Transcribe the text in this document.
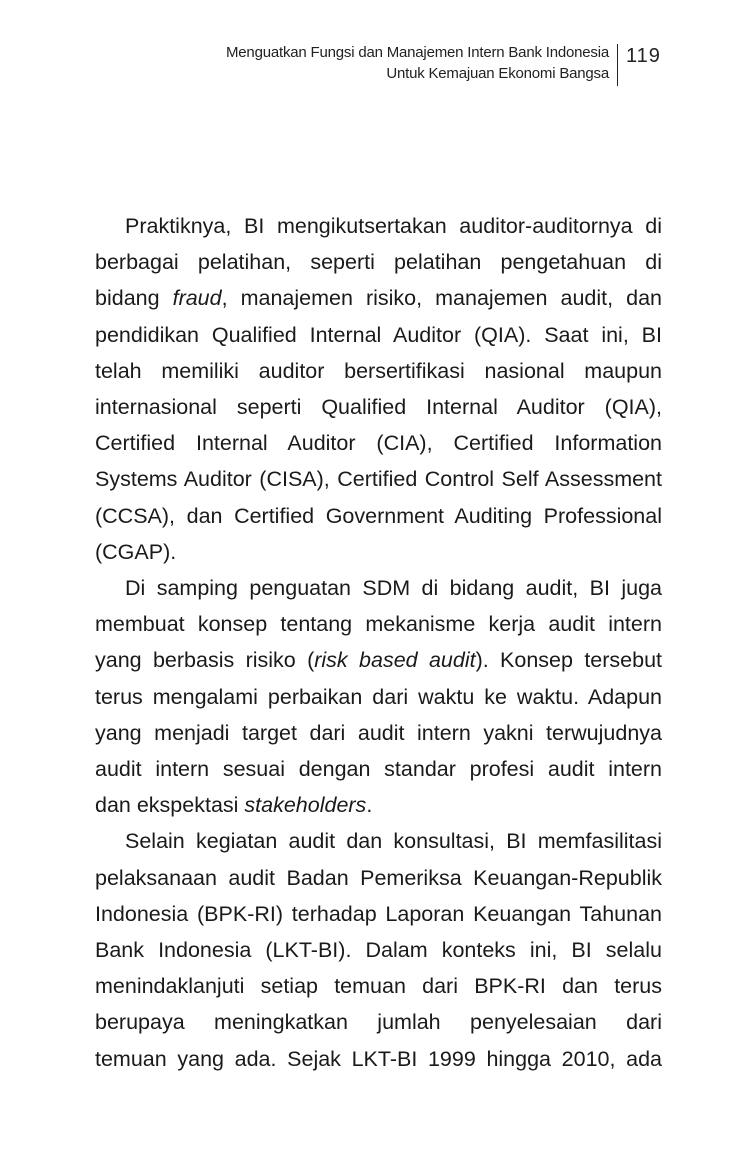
Menguatkan Fungsi dan Manajemen Intern Bank Indonesia
Untuk Kemajuan Ekonomi Bangsa
119
Praktiknya, BI mengikutsertakan auditor-auditornya di
berbagai pelatihan, seperti pelatihan pengetahuan di
bidang fraud, manajemen risiko, manajemen audit, dan
pendidikan Qualified Internal Auditor (QIA). Saat ini, BI
telah memiliki auditor bersertifikasi nasional maupun
internasional seperti Qualified Internal Auditor (QIA),
Certified Internal Auditor (CIA), Certified Information
Systems Auditor (CISA), Certified Control Self Assessment
(CCSA), dan Certified Government Auditing Professional
(CGAP).
Di samping penguatan SDM di bidang audit, BI juga
membuat konsep tentang mekanisme kerja audit intern
yang berbasis risiko (risk based audit). Konsep tersebut
terus mengalami perbaikan dari waktu ke waktu. Adapun
yang menjadi target dari audit intern yakni terwujudnya
audit intern sesuai dengan standar profesi audit intern
dan ekspektasi stakeholders.
Selain kegiatan audit dan konsultasi, BI memfasilitasi
pelaksanaan audit Badan Pemeriksa Keuangan-Republik
Indonesia (BPK-RI) terhadap Laporan Keuangan Tahunan
Bank Indonesia (LKT-BI). Dalam konteks ini, BI selalu
menindaklanjuti setiap temuan dari BPK-RI dan terus
berupaya meningkatkan jumlah penyelesaian dari
temuan yang ada. Sejak LKT-BI 1999 hingga 2010, ada
